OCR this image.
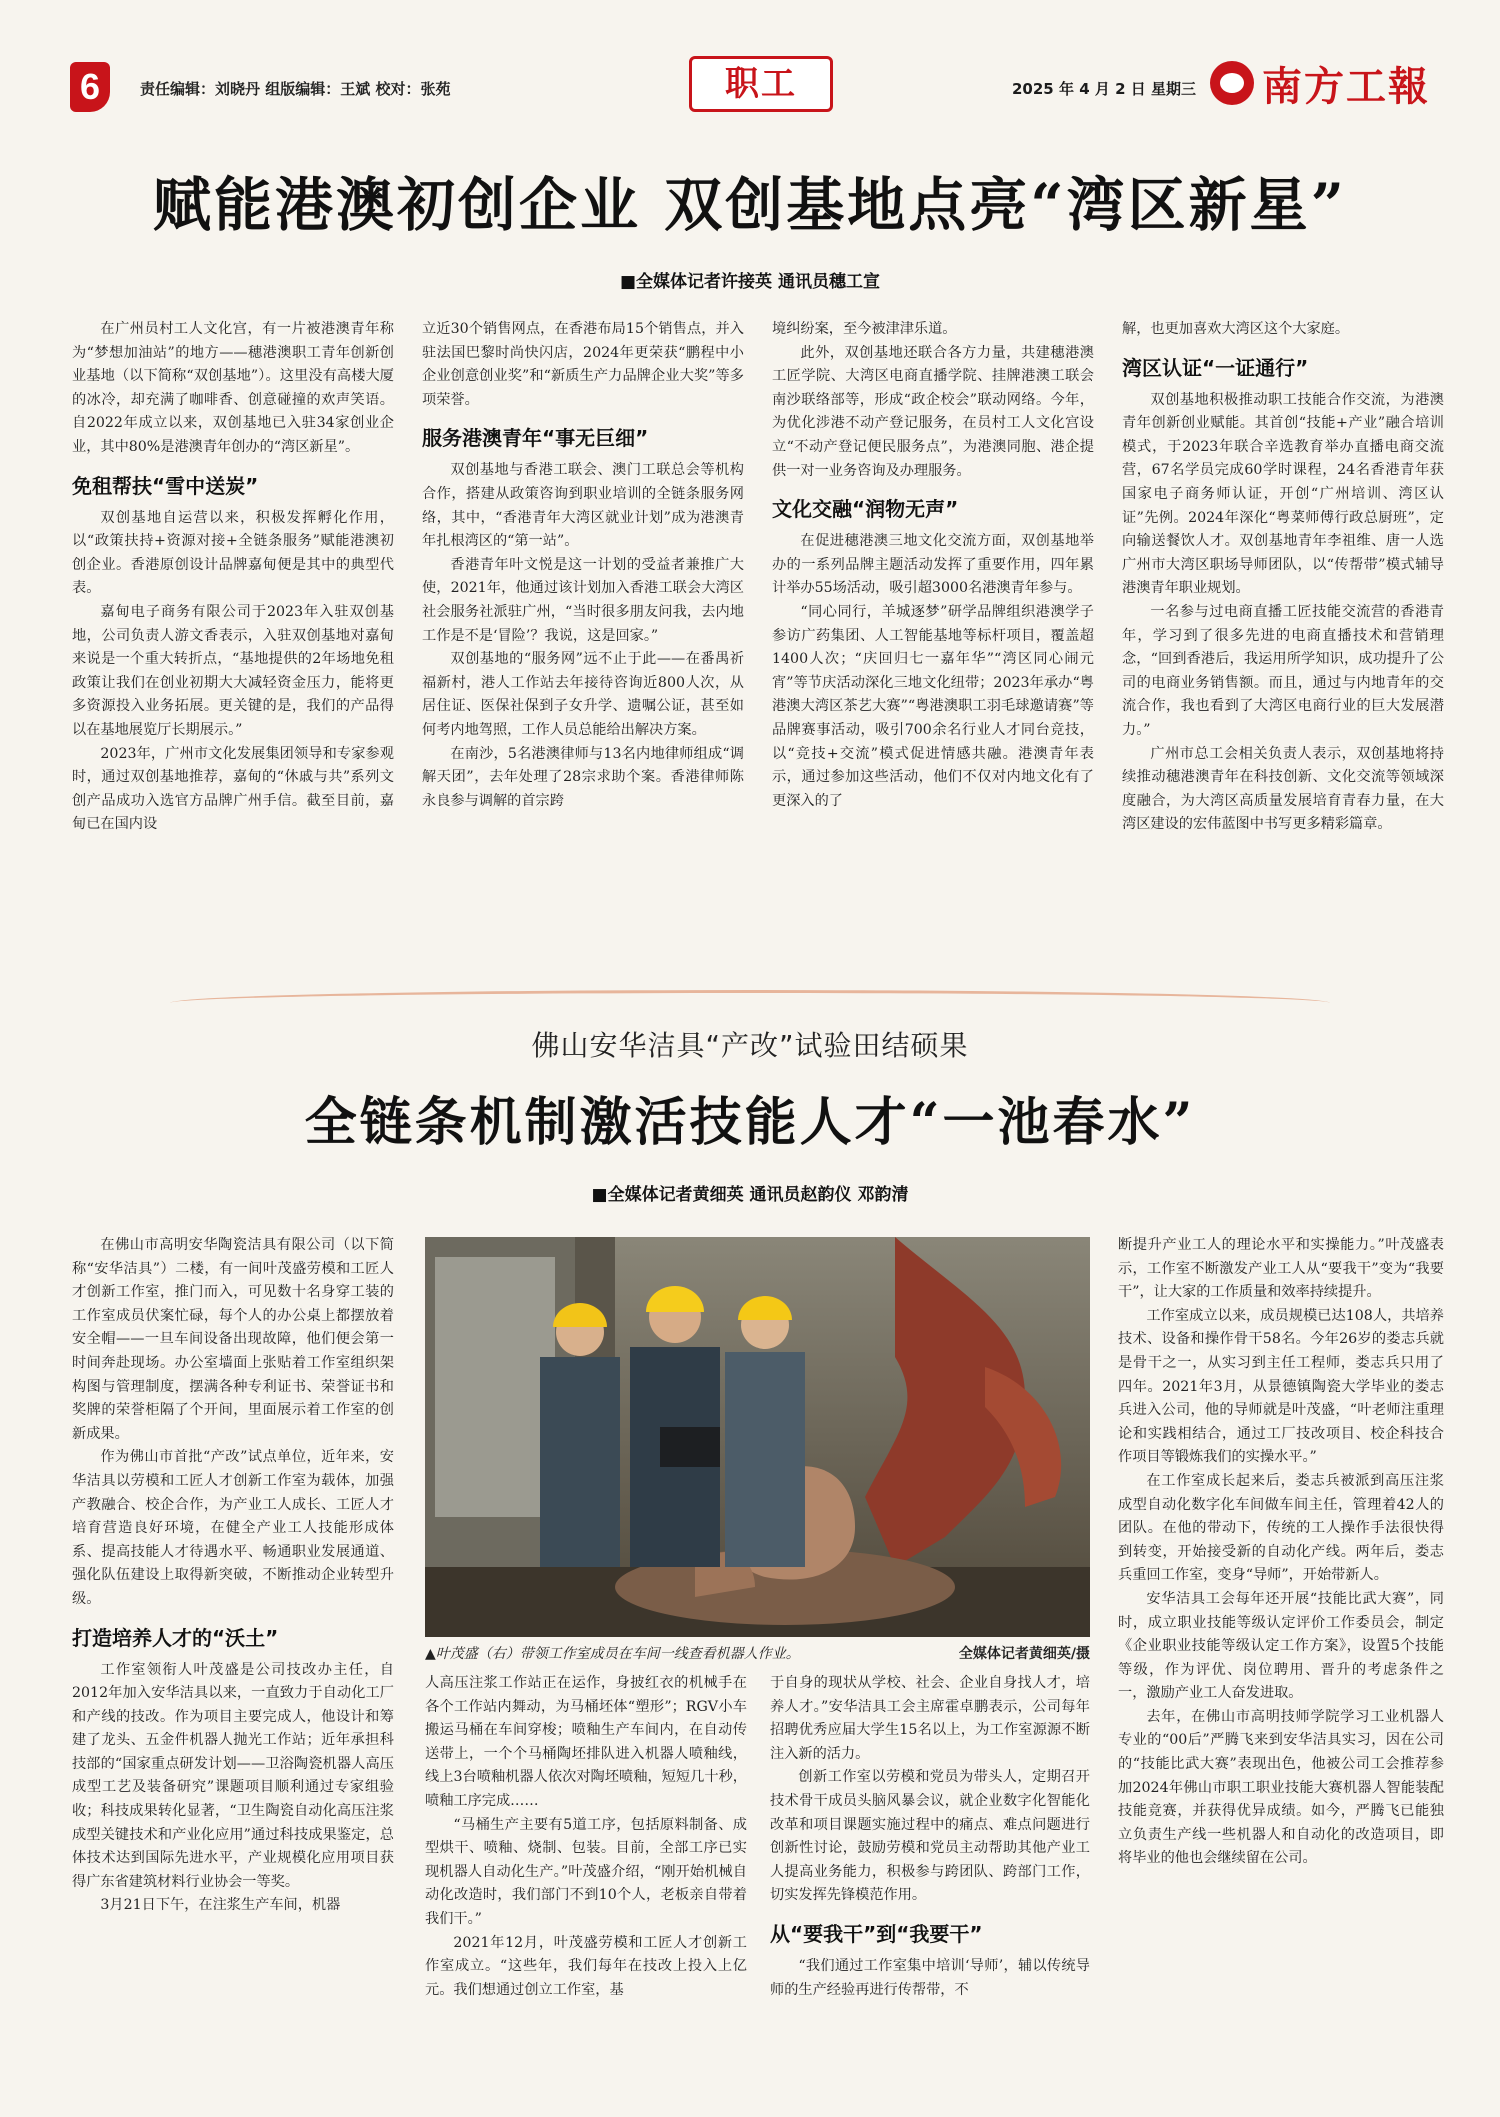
6	责任编辑：刘晓丹 组版编辑：王斌 校对：张苑	职工	2025 年 4 月 2 日 星期三 南方工報
赋能港澳初创企业 双创基地点亮“湾区新星”
■全媒体记者许接英 通讯员穗工宣

在广州员村工人文化宫，有一片被港澳青年称为“梦想加油站”的地方——穗港澳职工青年创新创业基地（以下简称“双创基地”）。这里没有高楼大厦的冰冷，却充满了咖啡香、创意碰撞的欢声笑语。自2022年成立以来，双创基地已入驻34家创业企业，其中80%是港澳青年创办的“湾区新星”。

免租帮扶“雪中送炭”

双创基地自运营以来，积极发挥孵化作用，以“政策扶持+资源对接+全链条服务”赋能港澳初创企业。香港原创设计品牌嘉甸便是其中的典型代表。

嘉甸电子商务有限公司于2023年入驻双创基地，公司负责人游文香表示，入驻双创基地对嘉甸来说是一个重大转折点，“基地提供的2年场地免租政策让我们在创业初期大大减轻资金压力，能将更多资源投入业务拓展。更关键的是，我们的产品得以在基地展览厅长期展示。”

2023年，广州市文化发展集团领导和专家参观时，通过双创基地推荐，嘉甸的“休戚与共”系列文创产品成功入选官方品牌广州手信。截至目前，嘉甸已在国内设

立近30个销售网点，在香港布局15个销售点，并入驻法国巴黎时尚快闪店，2024年更荣获“鹏程中小企业创意创业奖”和“新质生产力品牌企业大奖”等多项荣誉。

服务港澳青年“事无巨细”

双创基地与香港工联会、澳门工联总会等机构合作，搭建从政策咨询到职业培训的全链条服务网络，其中，“香港青年大湾区就业计划”成为港澳青年扎根湾区的“第一站”。

香港青年叶文悦是这一计划的受益者兼推广大使，2021年，他通过该计划加入香港工联会大湾区社会服务社派驻广州，“当时很多朋友问我，去内地工作是不是‘冒险’？我说，这是回家。”

双创基地的“服务网”远不止于此——在番禺祈福新村，港人工作站去年接待咨询近800人次，从居住证、医保社保到子女升学、遗嘱公证，甚至如何考内地驾照，工作人员总能给出解决方案。

在南沙，5名港澳律师与13名内地律师组成“调解天团”，去年处理了28宗求助个案。香港律师陈永良参与调解的首宗跨

境纠纷案，至今被津津乐道。

此外，双创基地还联合各方力量，共建穗港澳工匠学院、大湾区电商直播学院、挂牌港澳工联会南沙联络部等，形成“政企校会”联动网络。今年，为优化涉港不动产登记服务，在员村工人文化宫设立“不动产登记便民服务点”，为港澳同胞、港企提供一对一业务咨询及办理服务。

文化交融“润物无声”

在促进穗港澳三地文化交流方面，双创基地举办的一系列品牌主题活动发挥了重要作用，四年累计举办55场活动，吸引超3000名港澳青年参与。

“同心同行，羊城逐梦”研学品牌组织港澳学子参访广药集团、人工智能基地等标杆项目，覆盖超1400人次；“庆回归七一嘉年华”“湾区同心闹元宵”等节庆活动深化三地文化纽带；2023年承办“粤港澳大湾区茶艺大赛”“粤港澳职工羽毛球邀请赛”等品牌赛事活动，吸引700余名行业人才同台竞技，以“竞技+交流”模式促进情感共融。港澳青年表示，通过参加这些活动，他们不仅对内地文化有了更深入的了

解，也更加喜欢大湾区这个大家庭。

湾区认证“一证通行”

双创基地积极推动职工技能合作交流，为港澳青年创新创业赋能。其首创“技能+产业”融合培训模式，于2023年联合辛选教育举办直播电商交流营，67名学员完成60学时课程，24名香港青年获国家电子商务师认证，开创“广州培训、湾区认证”先例。2024年深化“粤菜师傅行政总厨班”，定向输送餐饮人才。双创基地青年李祖维、唐一人选广州市大湾区职场导师团队，以“传帮带”模式辅导港澳青年职业规划。

一名参与过电商直播工匠技能交流营的香港青年，学习到了很多先进的电商直播技术和营销理念，“回到香港后，我运用所学知识，成功提升了公司的电商业务销售额。而且，通过与内地青年的交流合作，我也看到了大湾区电商行业的巨大发展潜力。”

广州市总工会相关负责人表示，双创基地将持续推动穗港澳青年在科技创新、文化交流等领域深度融合，为大湾区高质量发展培育青春力量，在大湾区建设的宏伟蓝图中书写更多精彩篇章。

佛山安华洁具“产改”试验田结硕果
全链条机制激活技能人才“一池春水”
■全媒体记者黄细英 通讯员赵韵仪 邓韵清

在佛山市高明安华陶瓷洁具有限公司（以下简称“安华洁具”）二楼，有一间叶茂盛劳模和工匠人才创新工作室，推门而入，可见数十名身穿工装的工作室成员伏案忙碌，每个人的办公桌上都摆放着安全帽——一旦车间设备出现故障，他们便会第一时间奔赴现场。办公室墙面上张贴着工作室组织架构图与管理制度，摆满各种专利证书、荣誉证书和奖牌的荣誉柜隔了个开间，里面展示着工作室的创新成果。

作为佛山市首批“产改”试点单位，近年来，安华洁具以劳模和工匠人才创新工作室为载体，加强产教融合、校企合作，为产业工人成长、工匠人才培育营造良好环境，在健全产业工人技能形成体系、提高技能人才待遇水平、畅通职业发展通道、强化队伍建设上取得新突破，不断推动企业转型升级。

打造培养人才的“沃土”

工作室领衔人叶茂盛是公司技改办主任，自2012年加入安华洁具以来，一直致力于自动化工厂和产线的技改。作为项目主要完成人，他设计和筹建了龙头、五金件机器人抛光工作站；近年承担科技部的“国家重点研发计划——卫浴陶瓷机器人高压成型工艺及装备研究”课题项目顺利通过专家组验收；科技成果转化显著，“卫生陶瓷自动化高压注浆成型关键技术和产业化应用”通过科技成果鉴定，总体技术达到国际先进水平，产业规模化应用项目获得广东省建筑材料行业协会一等奖。

3月21日下午，在注浆生产车间，机器

▲叶茂盛（右）带领工作室成员在车间一线查看机器人作业。	全媒体记者黄细英/摄

人高压注浆工作站正在运作，身披红衣的机械手在各个工作站内舞动，为马桶坯体“塑形”；RGV小车搬运马桶在车间穿梭；喷釉生产车间内，在自动传送带上，一个个马桶陶坯排队进入机器人喷釉线，线上3台喷釉机器人依次对陶坯喷釉，短短几十秒，喷釉工序完成……

“马桶生产主要有5道工序，包括原料制备、成型烘干、喷釉、烧制、包装。目前，全部工序已实现机器人自动化生产。”叶茂盛介绍，“刚开始机械自动化改造时，我们部门不到10个人，老板亲自带着我们干。”

2021年12月，叶茂盛劳模和工匠人才创新工作室成立。“这些年，我们每年在技改上投入上亿元。我们想通过创立工作室，基

于自身的现状从学校、社会、企业自身找人才，培养人才。”安华洁具工会主席霍卓鹏表示，公司每年招聘优秀应届大学生15名以上，为工作室源源不断注入新的活力。

创新工作室以劳模和党员为带头人，定期召开技术骨干成员头脑风暴会议，就企业数字化智能化改革和项目课题实施过程中的痛点、难点问题进行创新性讨论，鼓励劳模和党员主动帮助其他产业工人提高业务能力，积极参与跨团队、跨部门工作，切实发挥先锋模范作用。

从“要我干”到“我要干”

“我们通过工作室集中培训‘导师’，辅以传统导师的生产经验再进行传帮带，不

断提升产业工人的理论水平和实操能力。”叶茂盛表示，工作室不断激发产业工人从“要我干”变为“我要干”，让大家的工作质量和效率持续提升。

工作室成立以来，成员规模已达108人，共培养技术、设备和操作骨干58名。今年26岁的娄志兵就是骨干之一，从实习到主任工程师，娄志兵只用了四年。2021年3月，从景德镇陶瓷大学毕业的娄志兵进入公司，他的导师就是叶茂盛，“叶老师注重理论和实践相结合，通过工厂技改项目、校企科技合作项目等锻炼我们的实操水平。”

在工作室成长起来后，娄志兵被派到高压注浆成型自动化数字化车间做车间主任，管理着42人的团队。在他的带动下，传统的工人操作手法很快得到转变，开始接受新的自动化产线。两年后，娄志兵重回工作室，变身“导师”，开始带新人。

安华洁具工会每年还开展“技能比武大赛”，同时，成立职业技能等级认定评价工作委员会，制定《企业职业技能等级认定工作方案》，设置5个技能等级，作为评优、岗位聘用、晋升的考虑条件之一，激励产业工人奋发进取。

去年，在佛山市高明技师学院学习工业机器人专业的“00后”严腾飞来到安华洁具实习，因在公司的“技能比武大赛”表现出色，他被公司工会推荐参加2024年佛山市职工职业技能大赛机器人智能装配技能竞赛，并获得优异成绩。如今，严腾飞已能独立负责生产线一些机器人和自动化的改造项目，即将毕业的他也会继续留在公司。
